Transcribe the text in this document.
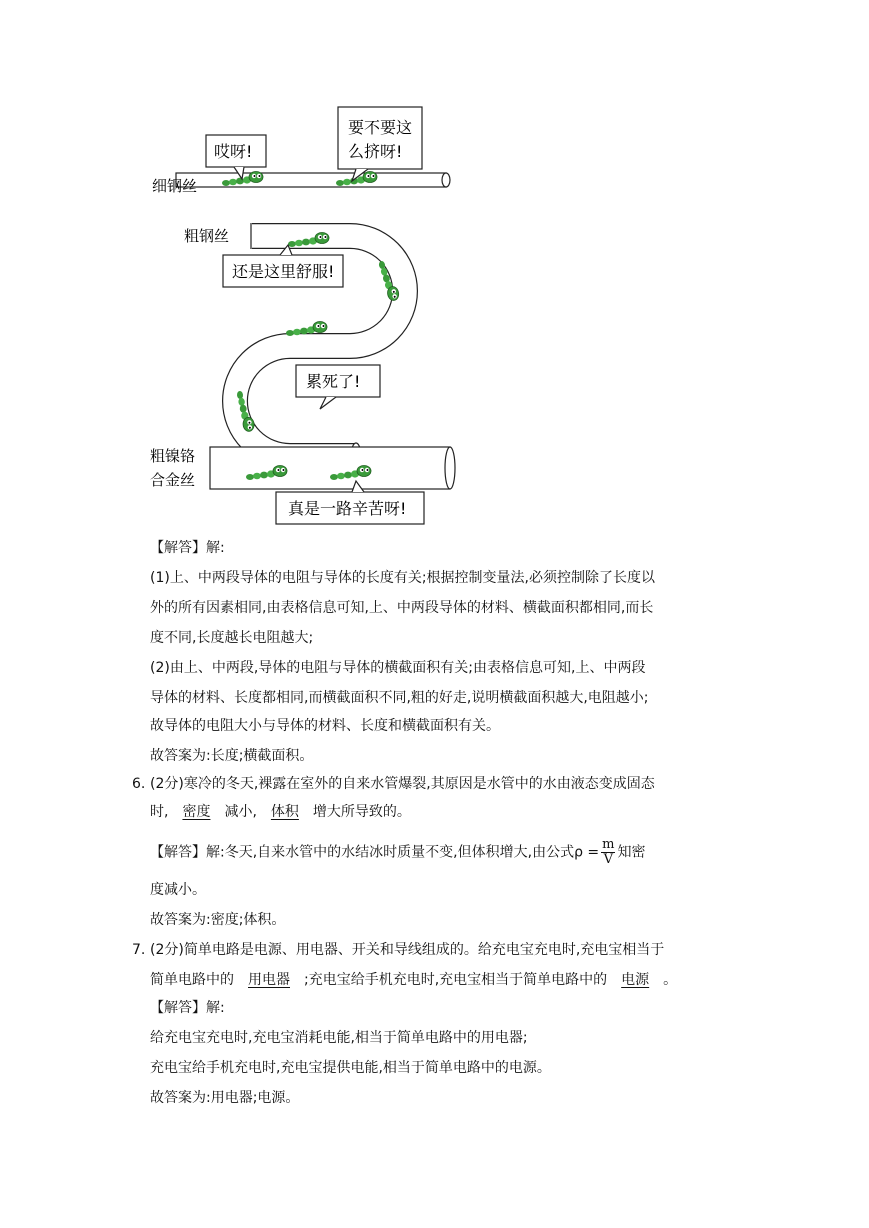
哎呀!
要不要这
么挤呀!
细钢丝
粗钢丝
还是这里舒服!
累死了!
粗镍铬
合金丝
真是一路辛苦呀!
【解答】解:
(1)上、中两段导体的电阻与导体的长度有关;根据控制变量法,必须控制除了长度以
外的所有因素相同,由表格信息可知,上、中两段导体的材料、横截面积都相同,而长
度不同,长度越长电阻越大;
(2)由上、中两段,导体的电阻与导体的横截面积有关;由表格信息可知,上、中两段
导体的材料、长度都相同,而横截面积不同,粗的好走,说明横截面积越大,电阻越小;
故导体的电阻大小与导体的材料、长度和横截面积有关。
故答案为:长度;横截面积。
6. (2分)寒冷的冬天,裸露在室外的自来水管爆裂,其原因是水管中的水由液态变成固态
时, 密度 减小, 体积 增大所导致的。
【解答】解:冬天,自来水管中的水结冰时质量不变,但体积增大,由公式$\rho = \frac{m}{V}$ 知密
度减小。
故答案为:密度;体积。
7. (2分)简单电路是电源、用电器、开关和导线组成的。给充电宝充电时,充电宝相当于
简单电路中的 用电器 ;充电宝给手机充电时,充电宝相当于简单电路中的 电源 。
【解答】解:
给充电宝充电时,充电宝消耗电能,相当于简单电路中的用电器;
充电宝给手机充电时,充电宝提供电能,相当于简单电路中的电源。
故答案为:用电器;电源。
